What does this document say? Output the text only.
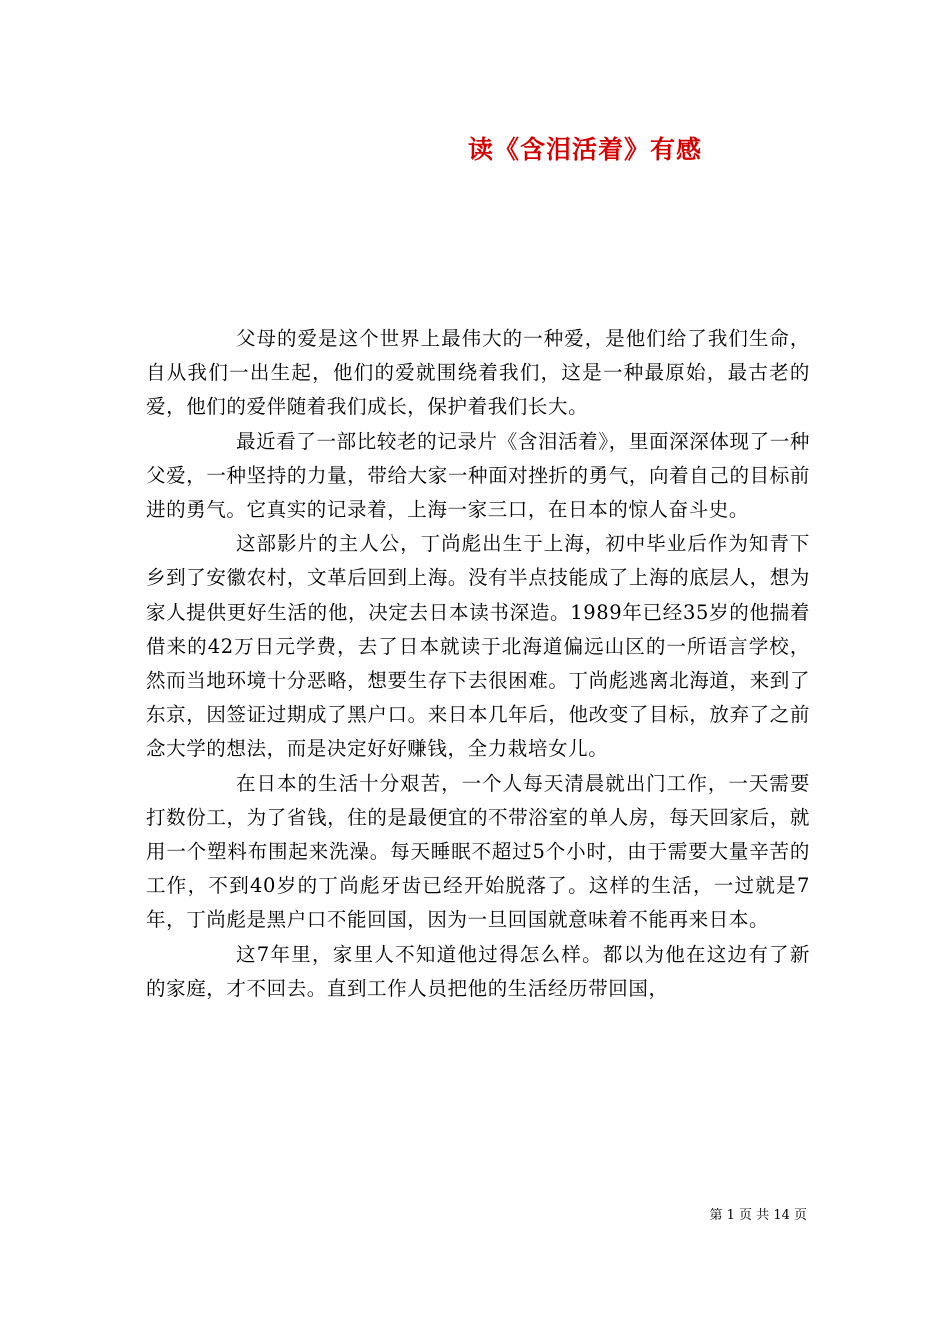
读《含泪活着》有感

父母的爱是这个世界上最伟大的一种爱，是他们给了我们生命，自从我们一出生起，他们的爱就围绕着我们，这是一种最原始，最古老的爱，他们的爱伴随着我们成长，保护着我们长大。

最近看了一部比较老的记录片《含泪活着》，里面深深体现了一种父爱，一种坚持的力量，带给大家一种面对挫折的勇气，向着自己的目标前进的勇气。它真实的记录着，上海一家三口，在日本的惊人奋斗史。

这部影片的主人公，丁尚彪出生于上海，初中毕业后作为知青下乡到了安徽农村，文革后回到上海。没有半点技能成了上海的底层人，想为家人提供更好生活的他，决定去日本读书深造。1989年已经35岁的他揣着借来的42万日元学费，去了日本就读于北海道偏远山区的一所语言学校，然而当地环境十分恶略，想要生存下去很困难。丁尚彪逃离北海道，来到了东京，因签证过期成了黑户口。来日本几年后，他改变了目标，放弃了之前念大学的想法，而是决定好好赚钱，全力栽培女儿。

在日本的生活十分艰苦，一个人每天清晨就出门工作，一天需要打数份工，为了省钱，住的是最便宜的不带浴室的单人房，每天回家后，就用一个塑料布围起来洗澡。每天睡眠不超过5个小时，由于需要大量辛苦的工作，不到40岁的丁尚彪牙齿已经开始脱落了。这样的生活，一过就是7年，丁尚彪是黑户口不能回国，因为一旦回国就意味着不能再来日本。

这7年里，家里人不知道他过得怎么样。都以为他在这边有了新的家庭，才不回去。直到工作人员把他的生活经历带回国，

第 1 页 共 14 页
